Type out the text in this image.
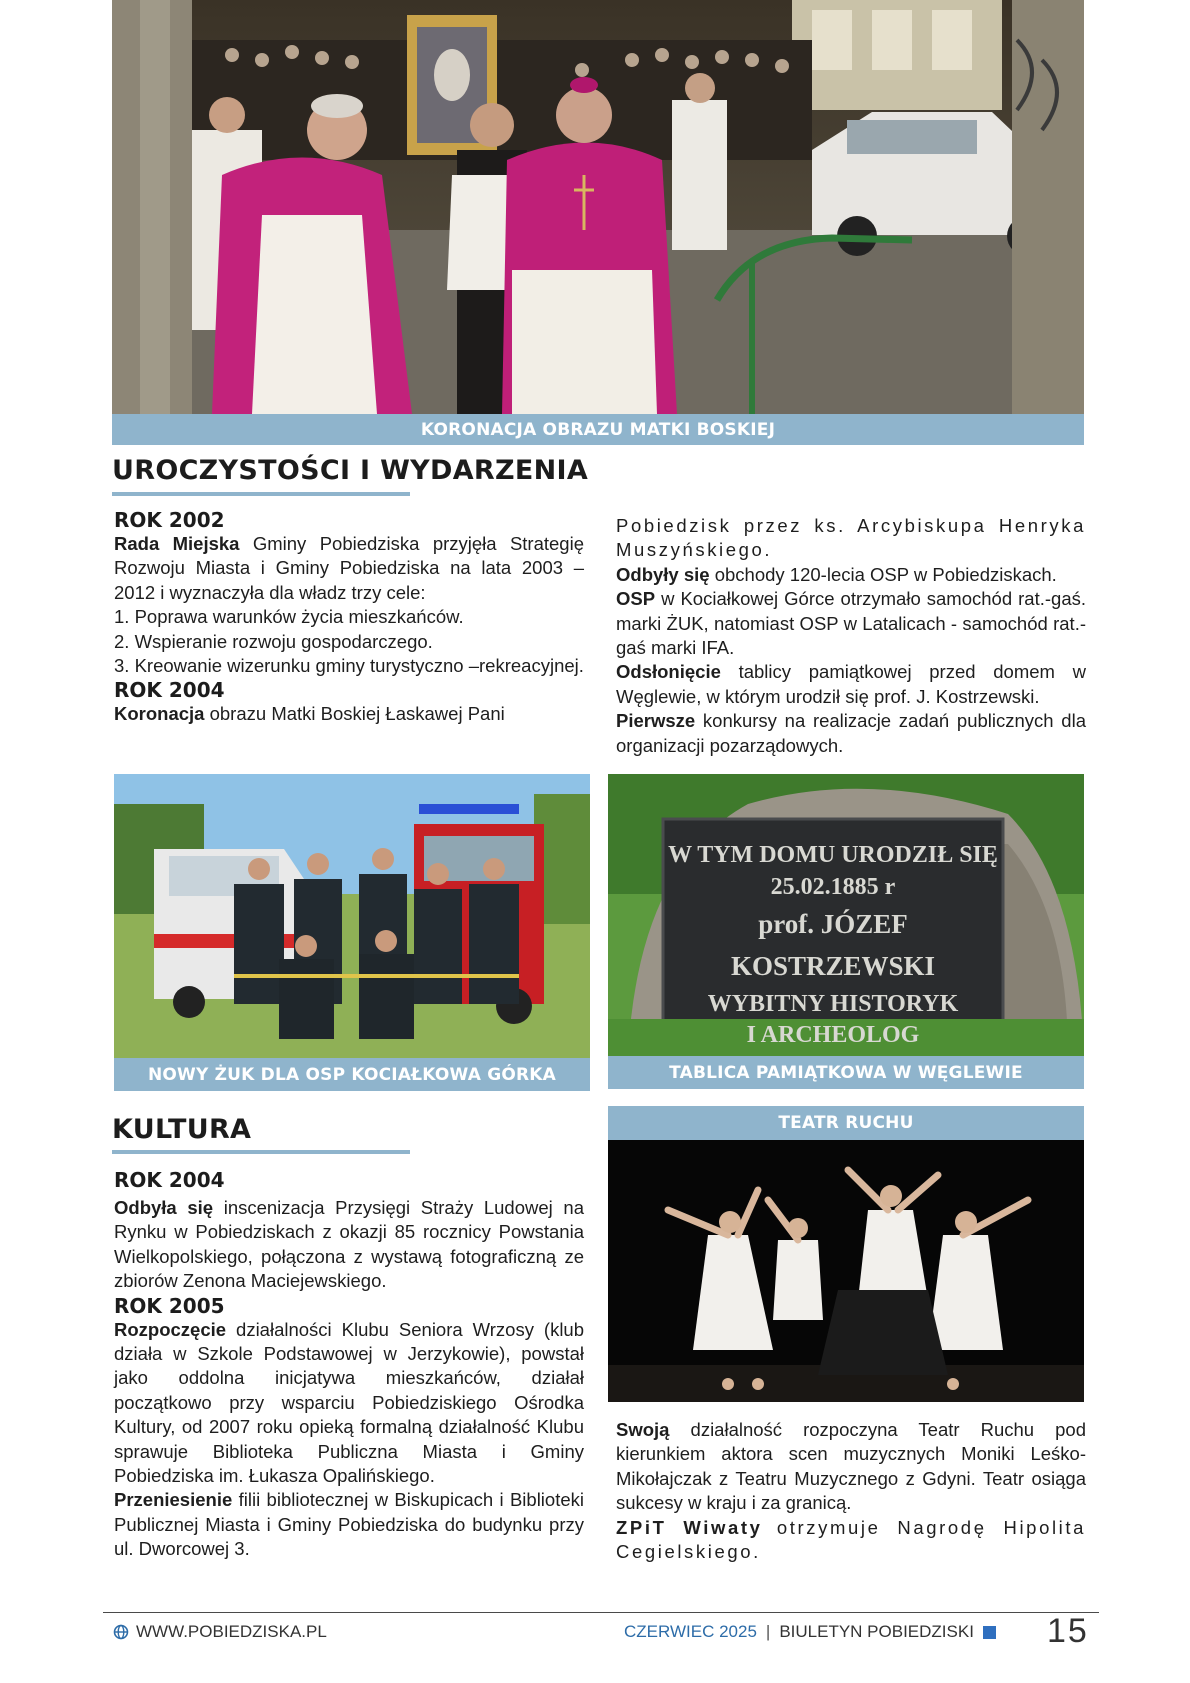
KORONACJA OBRAZU MATKI BOSKIEJ
UROCZYSTOŚCI I WYDARZENIA
ROK 2002

Rada Miejska Gminy Pobiedziska przyjęła Strategię Rozwoju Miasta i Gminy Pobiedziska na lata 2003 – 2012 i wyznaczyła dla władz trzy cele:

1. Poprawa warunków życia mieszkańców.

2. Wspieranie rozwoju gospodarczego.

3. Kreowanie wizerunku gminy turystyczno –rekreacyjnej.

ROK 2004

Koronacja obrazu Matki Boskiej Łaskawej Pani

Pobiedzisk przez ks. Arcybiskupa Henryka Muszyńskiego.

Odbyły się obchody 120-lecia OSP w Pobiedziskach.

OSP w Kociałkowej Górce otrzymało samochód rat.-gaś. marki ŻUK, natomiast OSP w Latalicach - samochód rat.-gaś marki IFA.

Odsłonięcie tablicy pamiątkowej przed domem w Węglewie, w którym urodził się prof. J. Kostrzewski.

Pierwsze konkursy na realizacje zadań publicznych dla organizacji pozarządowych.

NOWY ŻUK DLA OSP KOCIAŁKOWA GÓRKA
W TYM DOMU URODZIŁ SIĘ
25.02.1885 r
prof. JÓZEF KOSTRZEWSKI
WYBITNY HISTORYK
I ARCHEOLOG
TABLICA PAMIĄTKOWA W WĘGLEWIE
KULTURA
ROK 2004

Odbyła się inscenizacja Przysięgi Straży Ludowej na Rynku w Pobiedziskach z okazji 85 rocznicy Powstania Wielkopolskiego, połączona z wystawą fotograficzną ze zbiorów Zenona Maciejewskiego.

ROK 2005

Rozpoczęcie działalności Klubu Seniora Wrzosy (klub działa w Szkole Podstawowej w Jerzykowie), powstał jako oddolna inicjatywa mieszkańców, działał początkowo przy wsparciu Pobiedziskiego Ośrodka Kultury, od 2007 roku opieką formalną działalność Klubu sprawuje Biblioteka Publiczna Miasta i Gminy Pobiedziska im. Łukasza Opalińskiego.

Przeniesienie filii bibliotecznej w Biskupicach i Biblioteki Publicznej Miasta i Gminy Pobiedziska do budynku przy ul. Dworcowej 3.

TEATR RUCHU

Swoją działalność rozpoczyna Teatr Ruchu pod kierunkiem aktora scen muzycznych Moniki Leśko-Mikołajczak z Teatru Muzycznego z Gdyni. Teatr osiąga sukcesy w kraju i za granicą.

ZPiT Wiwaty otrzymuje Nagrodę Hipolita Cegielskiego.

WWW.POBIEDZISKA.PL	CZERWIEC 2025 | BIULETYN POBIEDZISKI 15
